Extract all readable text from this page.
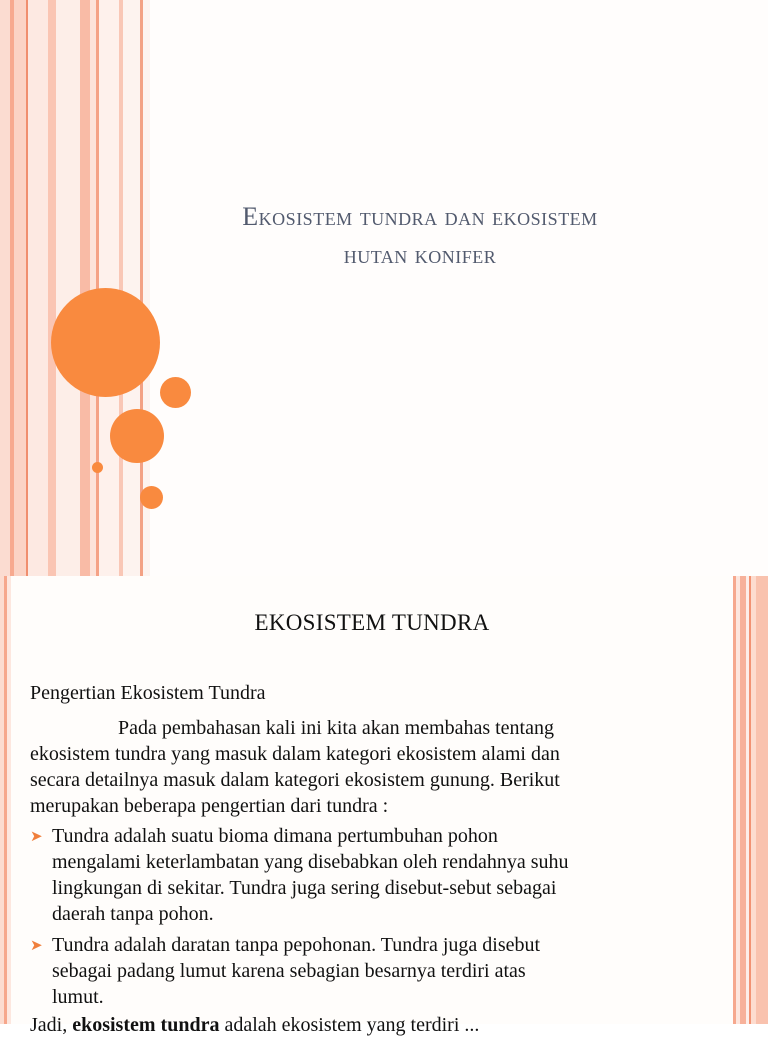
Ekosistem tundra dan ekosistem
hutan konifer
EKOSISTEM TUNDRA
Pengertian Ekosistem Tundra
Pada pembahasan kali ini kita akan membahas tentang
ekosistem tundra yang masuk dalam kategori ekosistem alami dan
secara detailnya masuk dalam kategori ekosistem gunung. Berikut
merupakan beberapa pengertian dari tundra :
➤ Tundra adalah suatu bioma dimana pertumbuhan pohon
mengalami keterlambatan yang disebabkan oleh rendahnya suhu
lingkungan di sekitar. Tundra juga sering disebut-sebut sebagai
daerah tanpa pohon.
➤ Tundra adalah daratan tanpa pepohonan. Tundra juga disebut
sebagai padang lumut karena sebagian besarnya terdiri atas
lumut.
Jadi, ekosistem tundra adalah ekosistem yang terdiri ...
